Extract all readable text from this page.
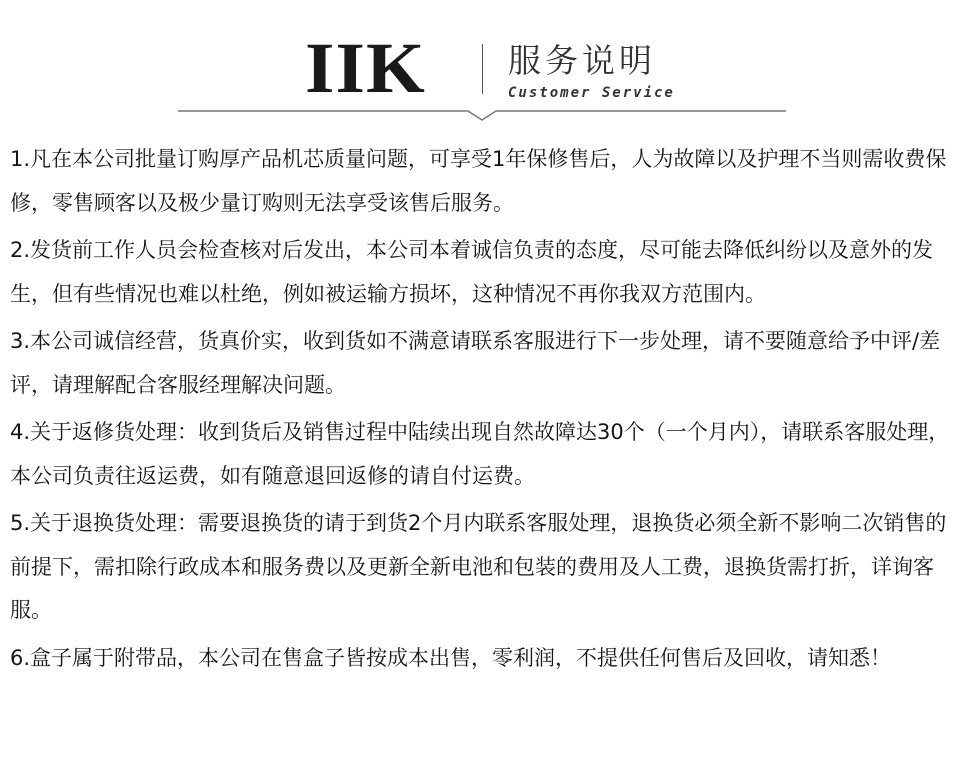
IIK	服务说明
Customer Service
1.凡在本公司批量订购厚产品机芯质量问题，可享受1年保修售后，人为故障以及护理不当则需收费保修，零售顾客以及极少量订购则无法享受该售后服务。
2.发货前工作人员会检查核对后发出，本公司本着诚信负责的态度，尽可能去降低纠纷以及意外的发生，但有些情况也难以杜绝，例如被运输方损坏，这种情况不再你我双方范围内。
3.本公司诚信经营，货真价实，收到货如不满意请联系客服进行下一步处理，请不要随意给予中评/差评，请理解配合客服经理解决问题。
4.关于返修货处理：收到货后及销售过程中陆续出现自然故障达30个（一个月内），请联系客服处理，本公司负责往返运费，如有随意退回返修的请自付运费。
5.关于退换货处理：需要退换货的请于到货2个月内联系客服处理，退换货必须全新不影响二次销售的前提下，需扣除行政成本和服务费以及更新全新电池和包装的费用及人工费，退换货需打折，详询客服。
6.盒子属于附带品，本公司在售盒子皆按成本出售，零利润，不提供任何售后及回收，请知悉！
